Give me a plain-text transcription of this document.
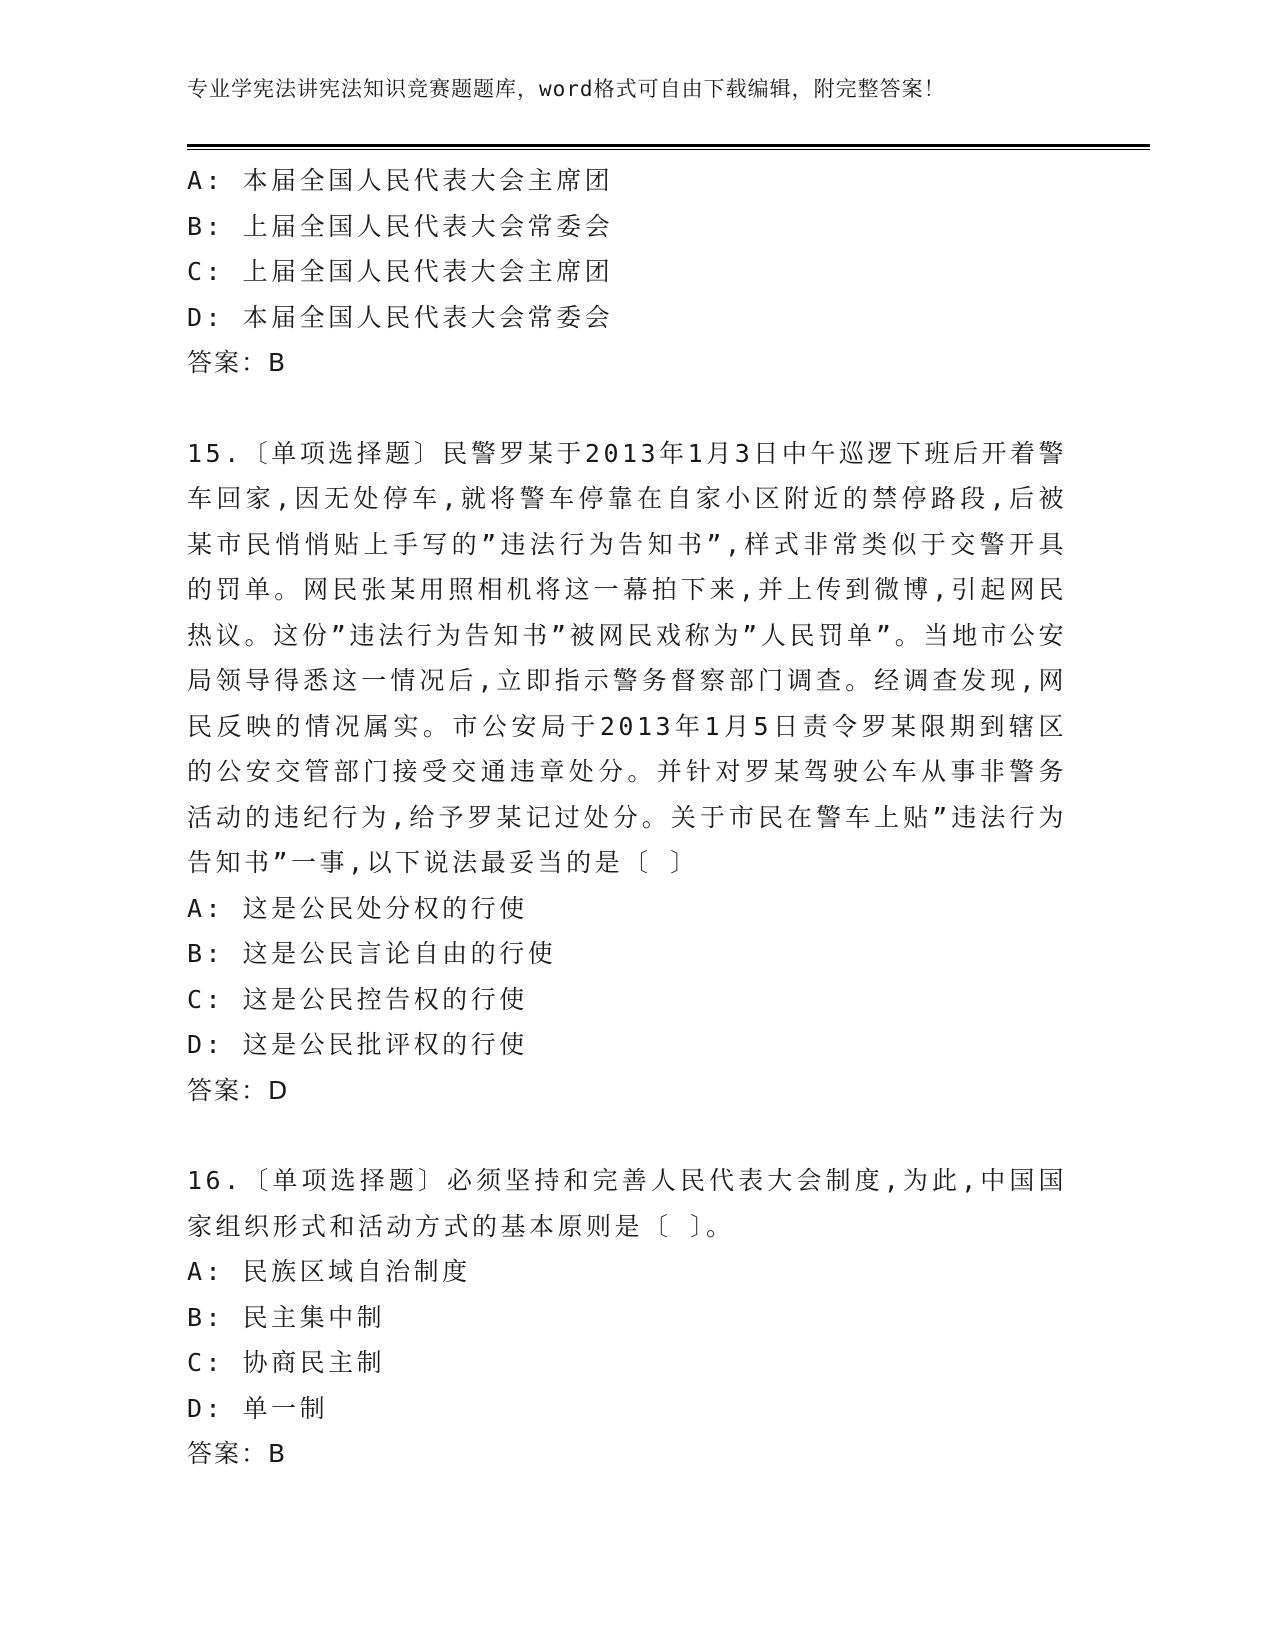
专业学宪法讲宪法知识竞赛题题库，word格式可自由下载编辑，附完整答案！

A: 本届全国人民代表大会主席团

B: 上届全国人民代表大会常委会

C: 上届全国人民代表大会主席团

D: 本届全国人民代表大会常委会

答案：B

15.〔单项选择题〕民警罗某于2013年1月3日中午巡逻下班后开着警车回家,因无处停车,就将警车停靠在自家小区附近的禁停路段,后被某市民悄悄贴上手写的”违法行为告知书”,样式非常类似于交警开具的罚单。网民张某用照相机将这一幕拍下来,并上传到微博,引起网民热议。这份”违法行为告知书”被网民戏称为”人民罚单”。当地市公安局领导得悉这一情况后,立即指示警务督察部门调查。经调查发现,网民反映的情况属实。市公安局于2013年1月5日责令罗某限期到辖区的公安交管部门接受交通违章处分。并针对罗某驾驶公车从事非警务活动的违纪行为,给予罗某记过处分。关于市民在警车上贴”违法行为告知书”一事,以下说法最妥当的是〔 〕

A: 这是公民处分权的行使

B: 这是公民言论自由的行使

C: 这是公民控告权的行使

D: 这是公民批评权的行使

答案：D

16.〔单项选择题〕必须坚持和完善人民代表大会制度,为此,中国国家组织形式和活动方式的基本原则是〔 〕。

A: 民族区域自治制度

B: 民主集中制

C: 协商民主制

D: 单一制

答案：B
